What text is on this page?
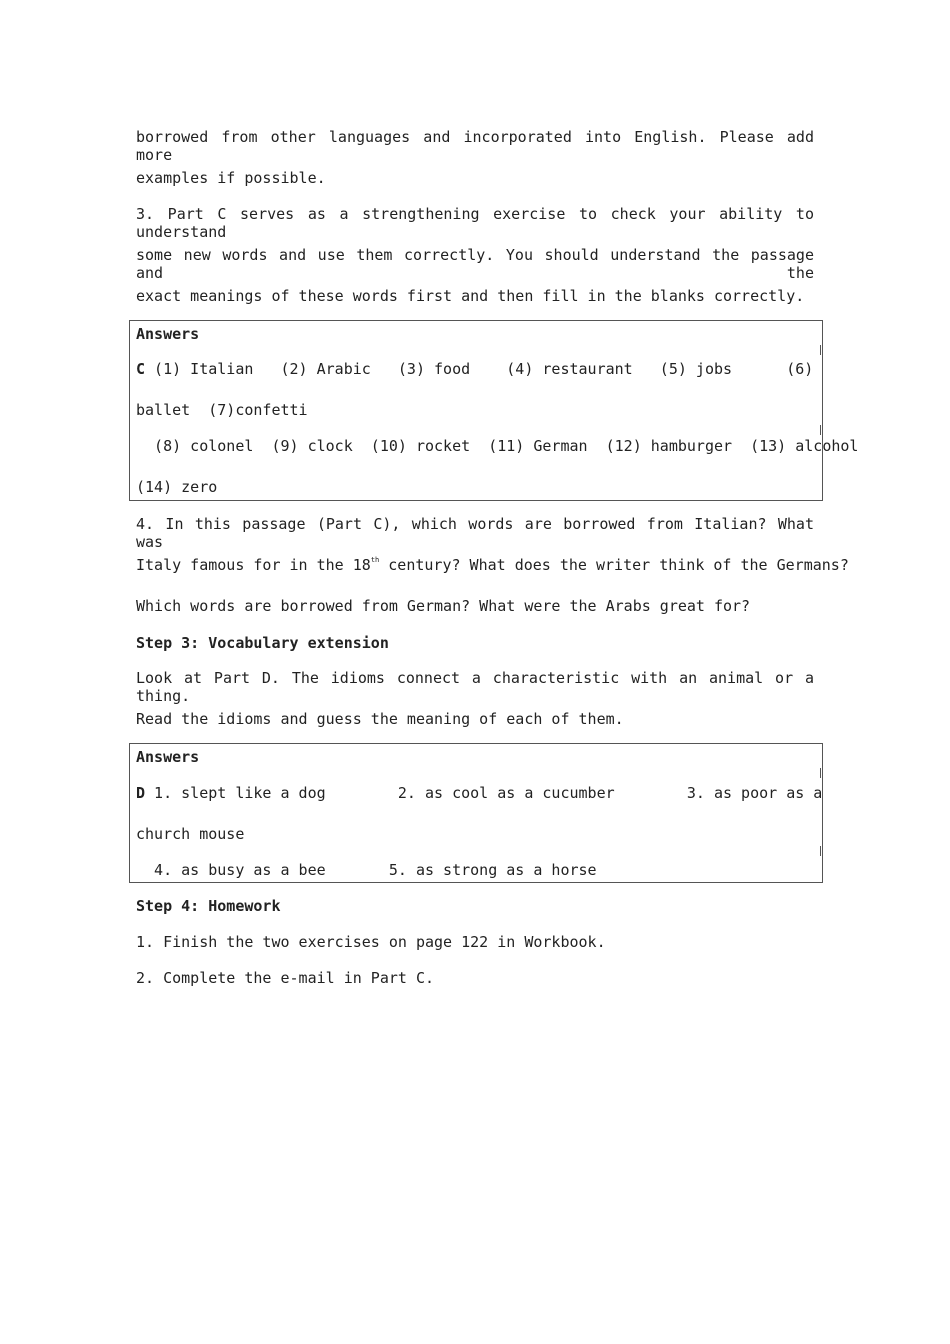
borrowed from other languages and incorporated into English. Please add more
examples if possible.
3. Part C serves as a strengthening exercise to check your ability to understand
some new words and use them correctly. You should understand the passage and the
exact meanings of these words first and then fill in the blanks correctly.
Answers
C (1) Italian   (2) Arabic   (3) food    (4) restaurant   (5) jobs      (6)
ballet  (7)confetti
(8) colonel  (9) clock  (10) rocket  (11) German  (12) hamburger  (13) alcohol
(14) zero
4. In this passage (Part C), which words are borrowed from Italian? What was
Italy famous for in the 18th century? What does the writer think of the Germans?
Which words are borrowed from German? What were the Arabs great for?
Step 3: Vocabulary extension
Look at Part D. The idioms connect a characteristic with an animal or a thing.
Read the idioms and guess the meaning of each of them.
Answers
D 1. slept like a dog        2. as cool as a cucumber        3. as poor as a
church mouse
4. as busy as a bee       5. as strong as a horse
Step 4: Homework
1. Finish the two exercises on page 122 in Workbook.
2. Complete the e-mail in Part C.
